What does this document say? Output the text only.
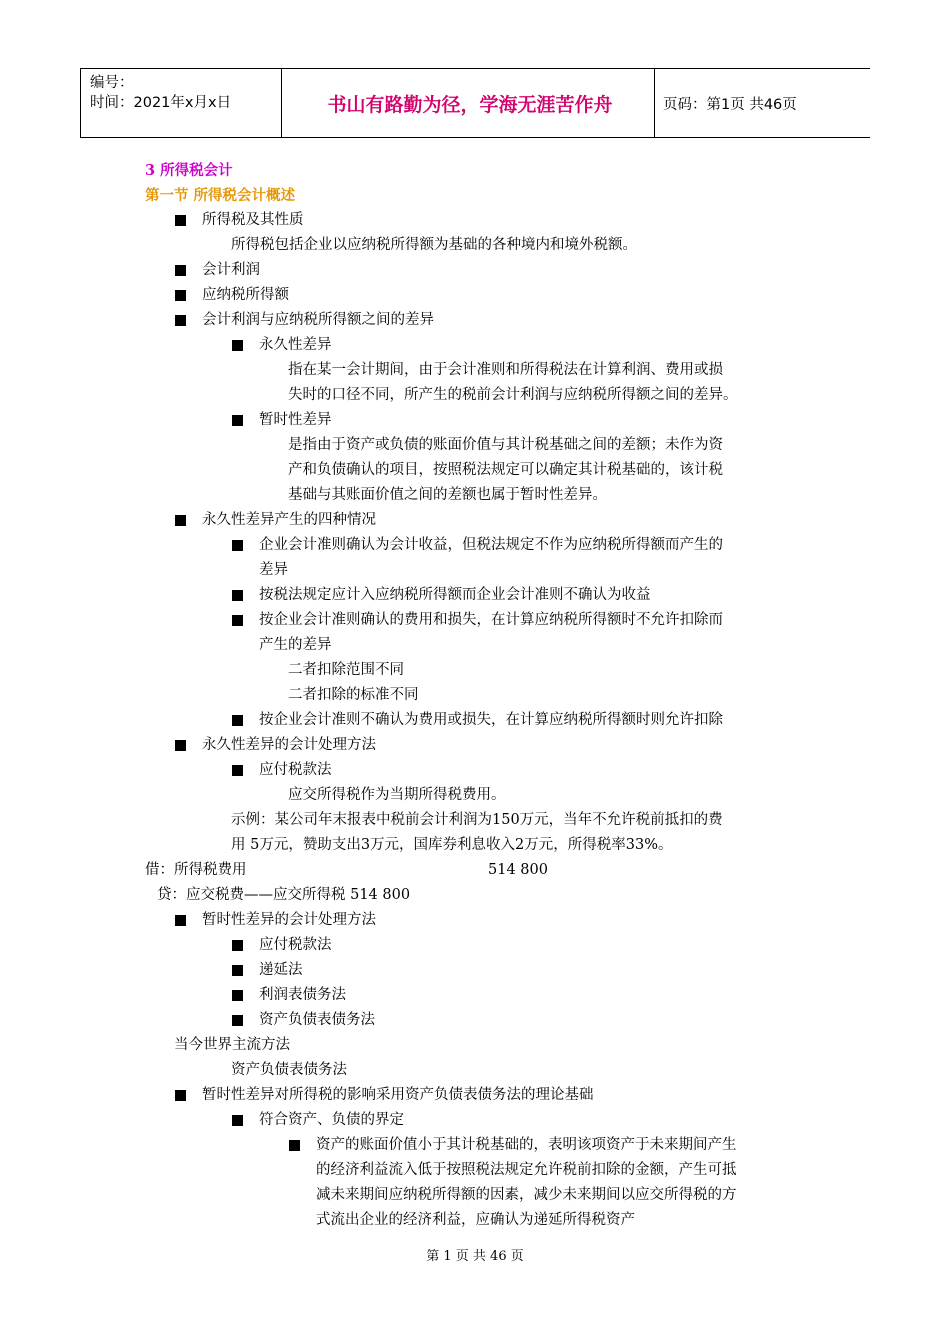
编号：
时间：2021年x月x日	书山有路勤为径，学海无涯苦作舟	页码：第1页 共46页
3 所得税会计
第一节 所得税会计概述
所得税及其性质
所得税包括企业以应纳税所得额为基础的各种境内和境外税额。
会计利润
应纳税所得额
会计利润与应纳税所得额之间的差异
永久性差异
指在某一会计期间，由于会计准则和所得税法在计算利润、费用或损
失时的口径不同，所产生的税前会计利润与应纳税所得额之间的差异。
暂时性差异
是指由于资产或负债的账面价值与其计税基础之间的差额；未作为资
产和负债确认的项目，按照税法规定可以确定其计税基础的，该计税
基础与其账面价值之间的差额也属于暂时性差异。
永久性差异产生的四种情况
企业会计准则确认为会计收益，但税法规定不作为应纳税所得额而产生的
差异
按税法规定应计入应纳税所得额而企业会计准则不确认为收益
按企业会计准则确认的费用和损失，在计算应纳税所得额时不允许扣除而
产生的差异
二者扣除范围不同
二者扣除的标准不同
按企业会计准则不确认为费用或损失，在计算应纳税所得额时则允许扣除
永久性差异的会计处理方法
应付税款法
应交所得税作为当期所得税费用。
示例：某公司年末报表中税前会计利润为150万元，当年不允许税前抵扣的费
用 5万元，赞助支出3万元，国库券利息收入2万元，所得税率33%。
借：所得税费用	514 800
贷：应交税费——应交所得税 514 800
暂时性差异的会计处理方法
应付税款法
递延法
利润表债务法
资产负债表债务法
当今世界主流方法
资产负债表债务法
暂时性差异对所得税的影响采用资产负债表债务法的理论基础
符合资产、负债的界定
资产的账面价值小于其计税基础的，表明该项资产于未来期间产生
的经济利益流入低于按照税法规定允许税前扣除的金额，产生可抵
减未来期间应纳税所得额的因素，减少未来期间以应交所得税的方
式流出企业的经济利益，应确认为递延所得税资产
第 1 页 共 46 页
